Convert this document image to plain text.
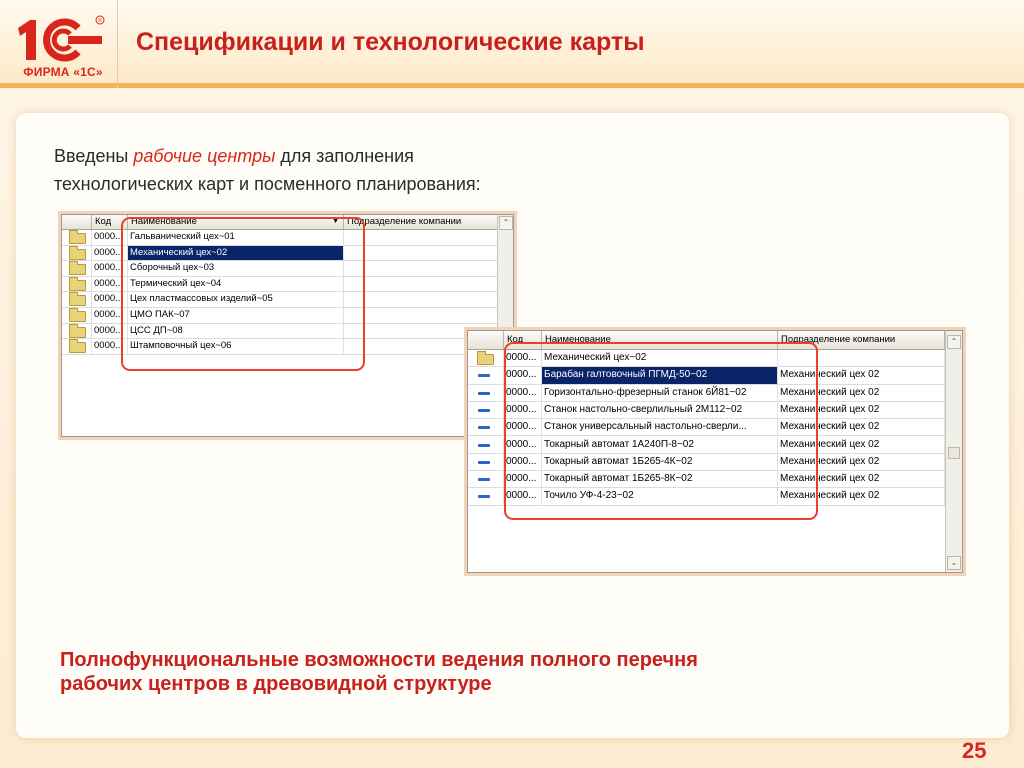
R
ФИРМА «1С»
Спецификации и технологические карты

Введены рабочие центры для заполнения
технологических карт и посменного планирования:

Код	Наименование	▼ Подразделение компании
0000... Гальванический цех~01
0000... Механический цех~02
0000... Сборочный цех~03
0000... Термический цех~04
0000... Цех пластмассовых изделий~05
0000... ЦМО ПАК~07
0000... ЦСС ДП~08
0000... Штамповочный цех~06
⌃
Код	Наименование	Подразделение компании
0000... Механический цех~02
0000... Барабан галтовочный ПГМД-50~02	Механический цех 02
0000... Горизонтально-фрезерный станок 6Й81~02	Механический цех 02
0000... Станок настольно-сверлильный 2М112~02	Механический цех 02
0000... Станок универсальный настольно-сверли...	Механический цех 02
0000... Токарный автомат 1А240П-8~02	Механический цех 02
0000... Токарный автомат 1Б265-4К~02	Механический цех 02
0000... Токарный автомат 1Б265-8К~02	Механический цех 02
0000... Точило УФ-4-23~02	Механический цех 02
⌃
⌄

Полнофункциональные возможности ведения полного перечня
рабочих центров в древовидной структуре

25
